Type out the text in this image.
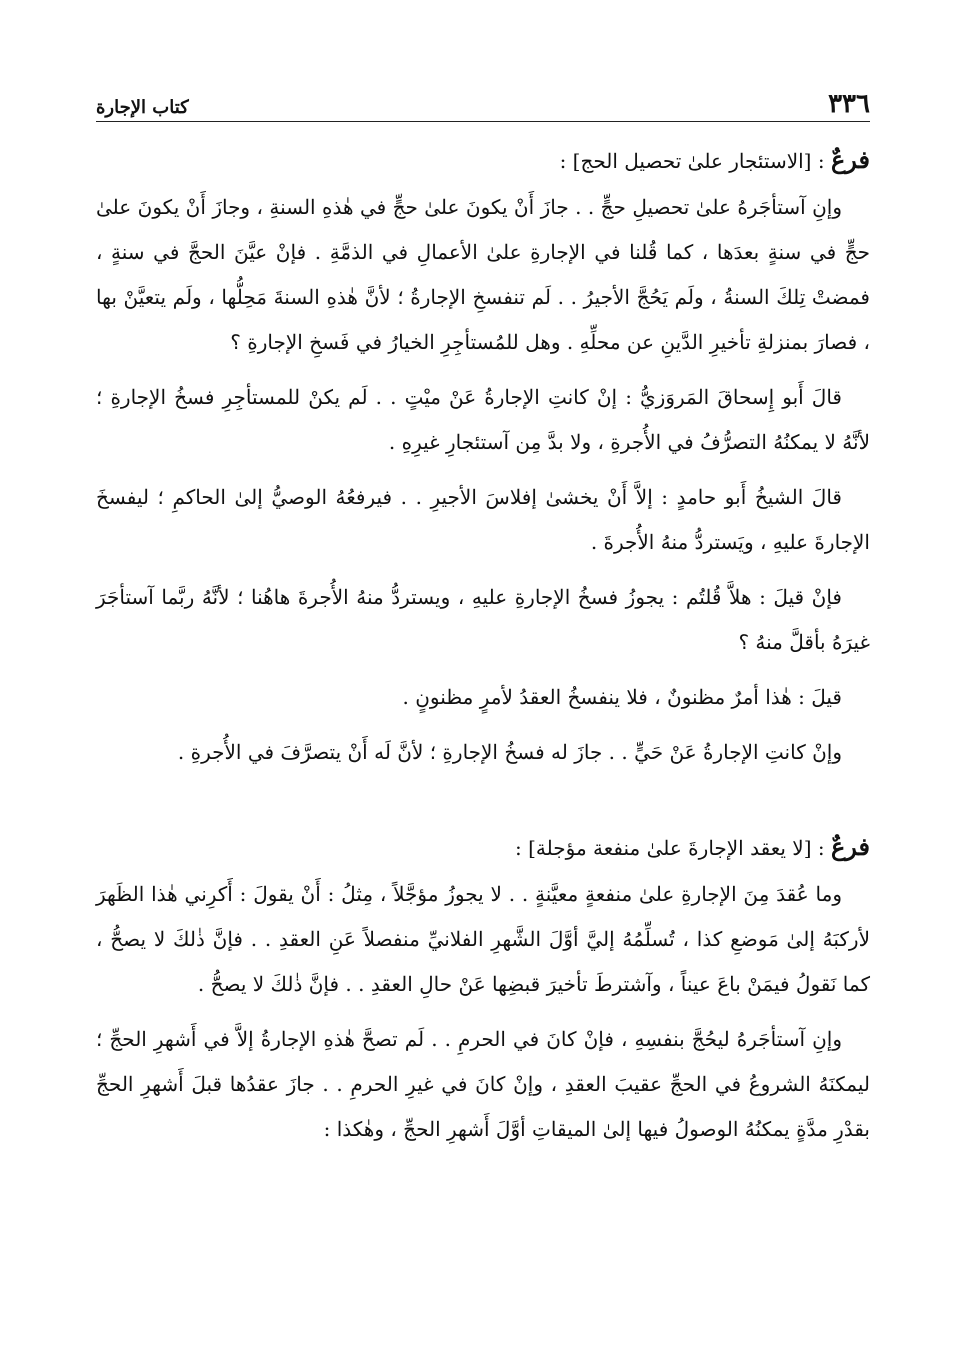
٣٣٦
كتاب الإجارة
فرعٌ : [الاستئجار علىٰ تحصيل الحج] :

وإنِ آستأجَرهُ علىٰ تحصيلِ حجٍّ . . جازَ أَنْ يكونَ علىٰ حجٍّ في هٰذهِ السنةِ ، وجازَ أَنْ يكونَ علىٰ حجٍّ في سنةٍ بعدَها ، كما قُلنا في الإجارةِ علىٰ الأعمالِ في الذمَّةِ . فإنْ عيَّنَ الحجَّ في سنةٍ ، فمضتْ تِلكَ السنةُ ، ولَم يَحُجَّ الأجيرُ . . لَم تنفسخِ الإجارةُ ؛ لأنَّ هٰذهِ السنةَ مَحِلُّها ، ولَم يتعيَّنْ بها ، فصارَ بمنزلةِ تأخيرِ الدَّينِ عن محلِّهِ . وهل للمُستأجِرِ الخيارُ في فَسخِ الإجارةِ ؟

قالَ أَبو إِسحاقَ المَروَزيُّ : إنْ كانتِ الإجارةُ عَنْ ميْتٍ . . لَم يكنْ للمستأجِرِ فسخُ الإجارةِ ؛ لأنَّهُ لا يمكنُهُ التصرُّفُ في الأُجرةِ ، ولا بدَّ مِن آستئجارِ غيرِهِ .

قالَ الشيخُ أَبو حامدٍ : إلاَّ أَنْ يخشىٰ إفلاسَ الأجيرِ . . فيرفعُهُ الوصيُّ إلىٰ الحاكمِ ؛ ليفسخَ الإجارةَ عليهِ ، ويَستردُّ منهُ الأُجرةَ .

فإنْ قيلَ : هلاَّ قُلتُم : يجوزُ فسخُ الإجارةِ عليهِ ، ويستردُّ منهُ الأُجرةَ هاهُنا ؛ لأنَّهُ ربَّما آستأجَرَ غيرَهُ بأقلَّ منهُ ؟

قيلَ : هٰذا أمرٌ مظنونٌ ، فلا ينفسخُ العقدُ لأمرٍ مظنونٍ .

وإنْ كانتِ الإجارةُ عَنْ حَيٍّ . . جازَ له فسخُ الإجارةِ ؛ لأنَّ لَه أَنْ يتصرَّفَ في الأُجرةِ .

فرعٌ : [لا يعقد الإجارةَ علىٰ منفعة مؤجلة] :

وما عُقدَ مِنَ الإجارةِ علىٰ منفعةٍ معيَّنةٍ . . لا يجوزُ مؤجَّلاً ، مِثلُ : أَنْ يقولَ : أَكرِني هٰذا الظَهرَ لأركبَهُ إلىٰ مَوضعِ كذا ، تُسلِّمُهُ إليَّ أوَّلَ الشَّهرِ الفلانيِّ منفصلاً عَنِ العقدِ . . فإنَّ ذٰلكَ لا يصحُّ ، كما نَقولُ فيمَنْ باعَ عيناً ، وآشترطَ تأخيرَ قبضِها عَنْ حالِ العقدِ . . فإنَّ ذٰلكَ لا يصحُّ .

وإنِ آستأجَرهُ ليحُجَّ بنفسِهِ ، فإنْ كانَ في الحرمِ . . لَم تصحَّ هٰذهِ الإجارةُ إلاَّ في أَشهرِ الحجِّ ؛ ليمكنَهُ الشروعُ في الحجِّ عقيبَ العقدِ ، وإنْ كانَ في غيرِ الحرمِ . . جازَ عقدُها قبلَ أَشهرِ الحجِّ بقدْرِ مدَّةٍ يمكنُهُ الوصولُ فيها إلىٰ الميقاتِ أوَّلَ أَشهرِ الحجِّ ، وهٰكذا :
